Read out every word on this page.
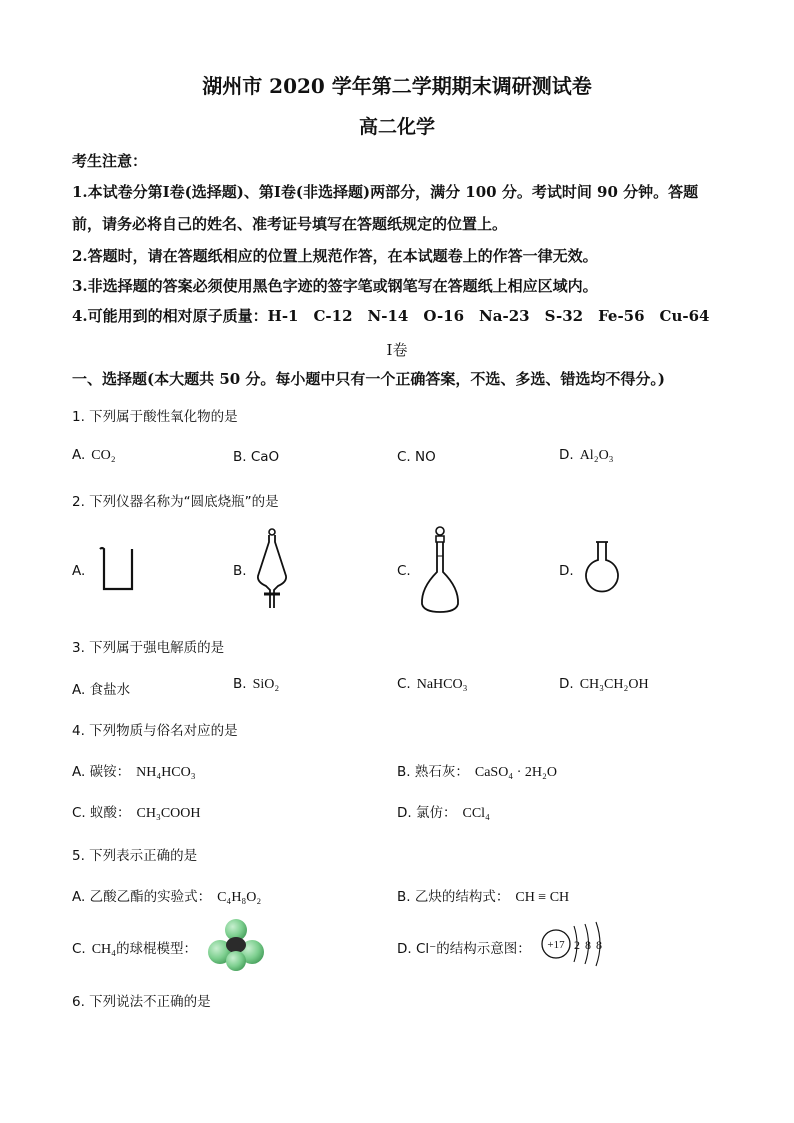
湖州市 2020 学年第二学期期末调研测试卷
高二化学
考生注意：
1.本试卷分第Ⅰ卷(选择题)、第Ⅰ卷(非选择题)两部分，满分 100 分。考试时间 90 分钟。答题前，请务必将自己的姓名、准考证号填写在答题纸规定的位置上。
2.答题时，请在答题纸相应的位置上规范作答，在本试题卷上的作答一律无效。
3.非选择题的答案必须使用黑色字迹的签字笔或钢笔写在答题纸上相应区域内。
4.可能用到的相对原子质量：H-1　C-12　N-14　O-16　Na-23　S-32　Fe-56　Cu-64
Ⅰ卷
一、选择题(本大题共 50 分。每小题中只有一个正确答案，不选、多选、错选均不得分。)
1. 下列属于酸性氧化物的是
A. CO₂	B. CaO	C. NO	D. Al₂O₃
2. 下列仪器名称为“圆底烧瓶”的是
A.	B.	C.	D.
3. 下列属于强电解质的是
A. 食盐水	B. SiO₂	C. NaHCO₃	D. CH₃CH₂OH
4. 下列物质与俗名对应的是
A. 碳铵： NH₄HCO₃	B. 熟石灰： CaSO₄ · 2H₂O
C. 蚁酸： CH₃COOH	D. 氯仿： CCl₄
5. 下列表示正确的是
A. 乙酸乙酯的实验式： C₄H₈O₂	B. 乙炔的结构式： CH ≡ CH
C. CH₄的球棍模型：	D. Cl⁻的结构示意图： +17 2 8 8
6. 下列说法不正确的是
